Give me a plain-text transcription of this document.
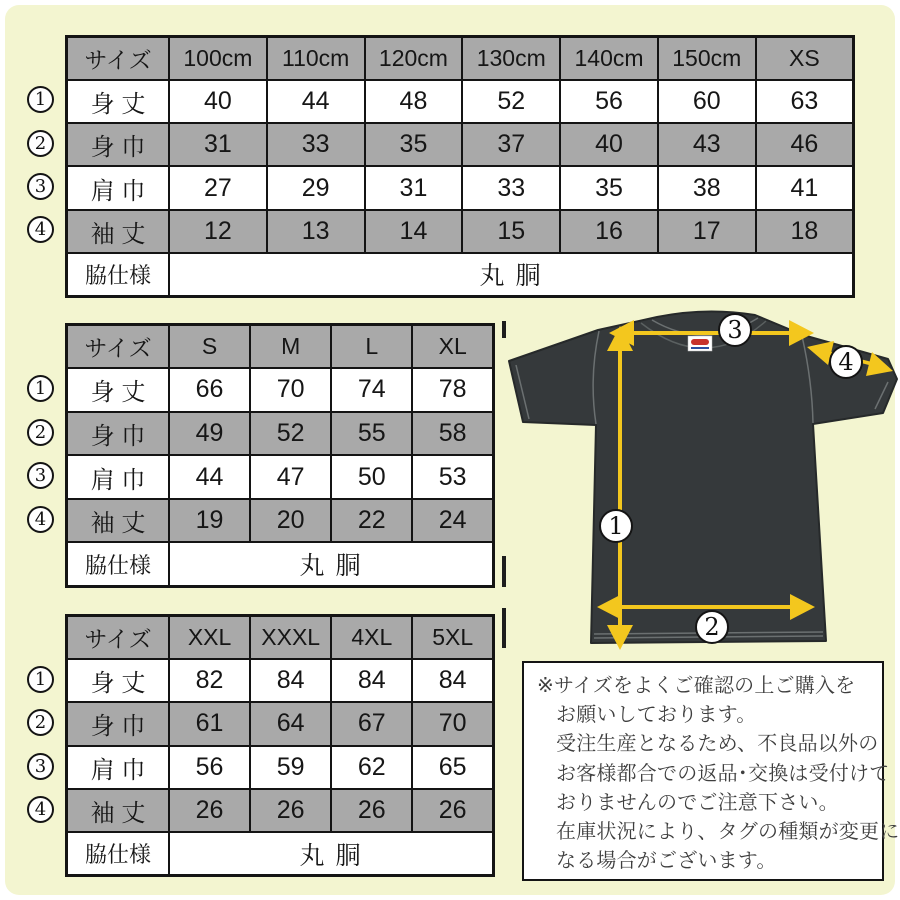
サイズ	100cm	110cm	120cm	130cm	140cm	150cm	XS
身 丈	40	44	48	52	56	60	63
身 巾	31	33	35	37	40	43	46
肩 巾	27	29	31	33	35	38	41
袖 丈	12	13	14	15	16	17	18
脇仕様	丸 胴						
サイズ	S	M	L	XL
身 丈	66	70	74	78
身 巾	49	52	55	58
肩 巾	44	47	50	53
袖 丈	19	20	22	24
脇仕様	丸 胴			
サイズ	XXL	XXXL	4XL	5XL
身 丈	82	84	84	84
身 巾	61	64	67	70
肩 巾	56	59	62	65
袖 丈	26	26	26	26
脇仕様	丸 胴			

※サイズをよくご確認の上ご購入を

お願いしております。

受注生産となるため、不良品以外の

お客様都合での返品･交換は受付けて

おりませんのでご注意下さい。

在庫状況により、タグの種類が変更に

なる場合がございます。

1
2
3
4
1
2
3
4
1
2
3
4
1
2
3
4
